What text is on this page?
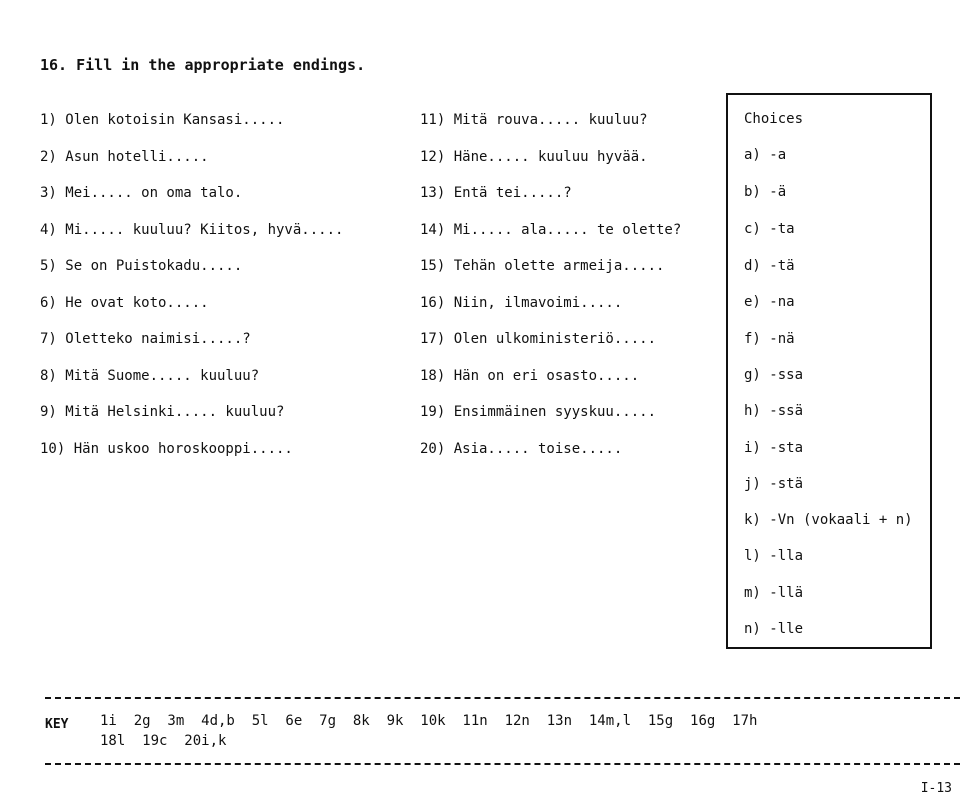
16. Fill in the appropriate endings.
1) Olen kotoisin Kansasi.....
2) Asun hotelli.....
3) Mei..... on oma talo.
4) Mi..... kuuluu? Kiitos, hyvä.....
5) Se on Puistokadu.....
6) He ovat koto.....
7) Oletteko naimisi.....?
8) Mitä Suome..... kuuluu?
9) Mitä Helsinki..... kuuluu?
10) Hän uskoo horoskooppi.....
11) Mitä rouva..... kuuluu?
12) Häne..... kuuluu hyvää.
13) Entä tei.....?
14) Mi..... ala..... te olette?
15) Tehän olette armeija.....
16) Niin, ilmavoimi.....
17) Olen ulkoministeriö.....
18) Hän on eri osasto.....
19) Ensimmäinen syyskuu.....
20) Asia..... toise.....
Choices
a) -a
b) -ä
c) -ta
d) -tä
e) -na
f) -nä
g) -ssa
h) -ssä
i) -sta
j) -stä
k) -Vn (vokaali + n)
l) -lla
m) -llä
n) -lle
KEY 1i  2g  3m  4d,b  5l  6e  7g  8k  9k  10k  11n  12n  13n  14m,l  15g  16g  17h
18l  19c  20i,k
I-13
